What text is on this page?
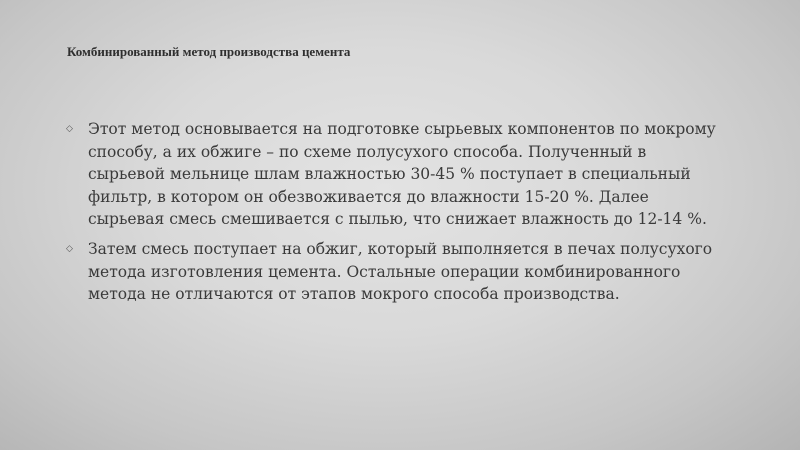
Комбинированный метод производства цемента
◇ Этот метод основывается на подготовке сырьевых компонентов по мокрому способу, а их обжиге – по схеме полусухого способа. Полученный в сырьевой мельнице шлам влажностью 30-45 % поступает в специальный фильтр, в котором он обезвоживается до влажности 15-20 %. Далее сырьевая смесь смешивается с пылью, что снижает влажность до 12-14 %.
◇ Затем смесь поступает на обжиг, который выполняется в печах полусухого метода изготовления цемента. Остальные операции комбинированного метода не отличаются от этапов мокрого способа производства.
